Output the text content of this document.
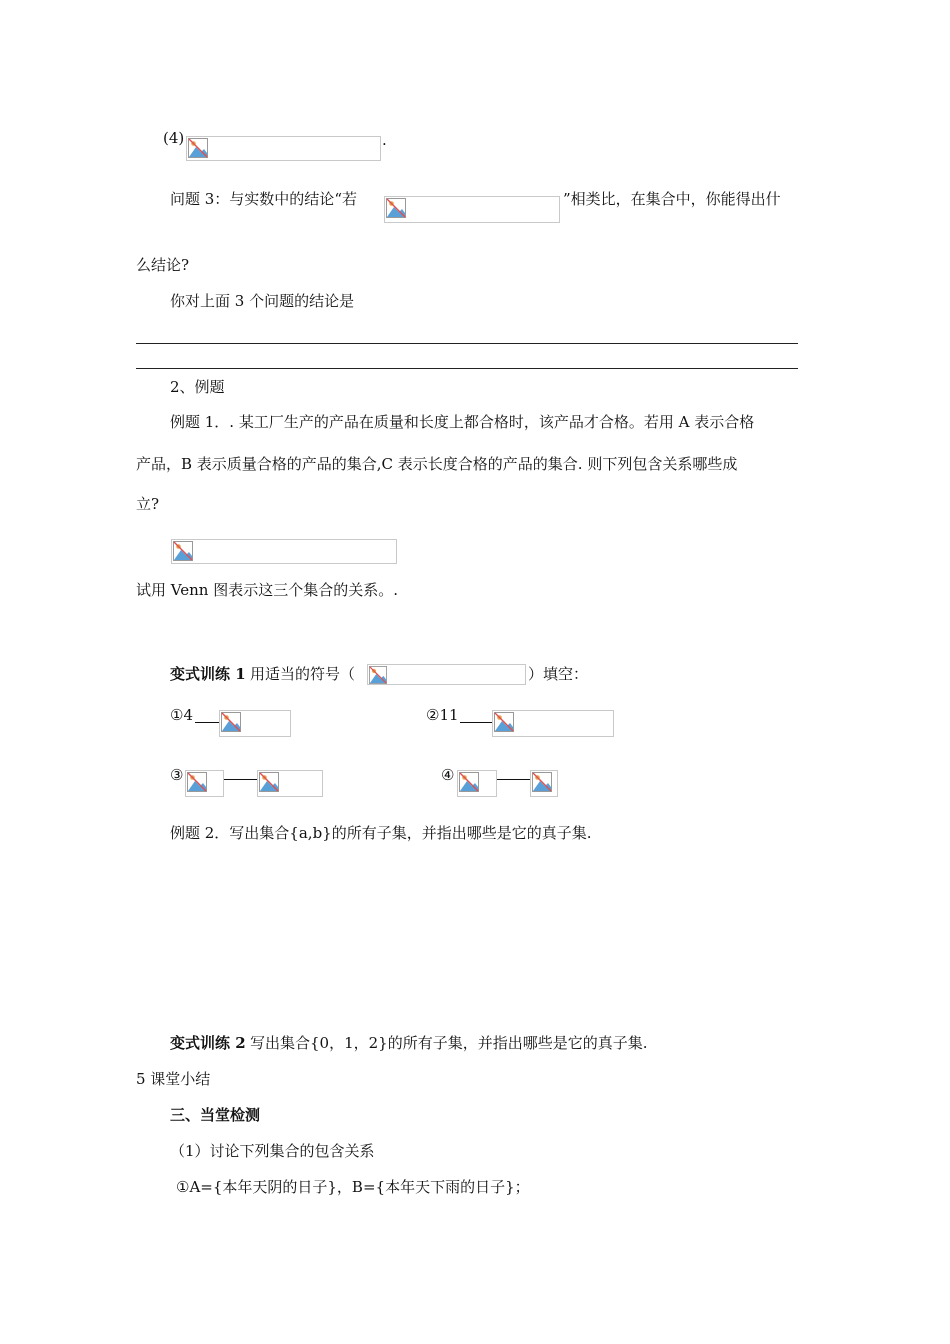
(4)	.
问题 3：与实数中的结论“若	”相类比，在集合中，你能得出什
么结论?
你对上面 3 个问题的结论是
2、例题
例题 1．. 某工厂生产的产品在质量和长度上都合格时，该产品才合格。若用 A 表示合格
产品，B 表示质量合格的产品的集合,C 表示长度合格的产品的集合. 则下列包含关系哪些成
立?
试用 Venn 图表示这三个集合的关系。.
变式训练 1 用适当的符号（	）填空：
①4	②11
③	④
例题 2．写出集合{a,b}的所有子集，并指出哪些是它的真子集.
变式训练 2 写出集合{0，1，2}的所有子集，并指出哪些是它的真子集.
5 课堂小结
三、当堂检测
（1）讨论下列集合的包含关系
①A={本年天阴的日子}，B={本年天下雨的日子}；
